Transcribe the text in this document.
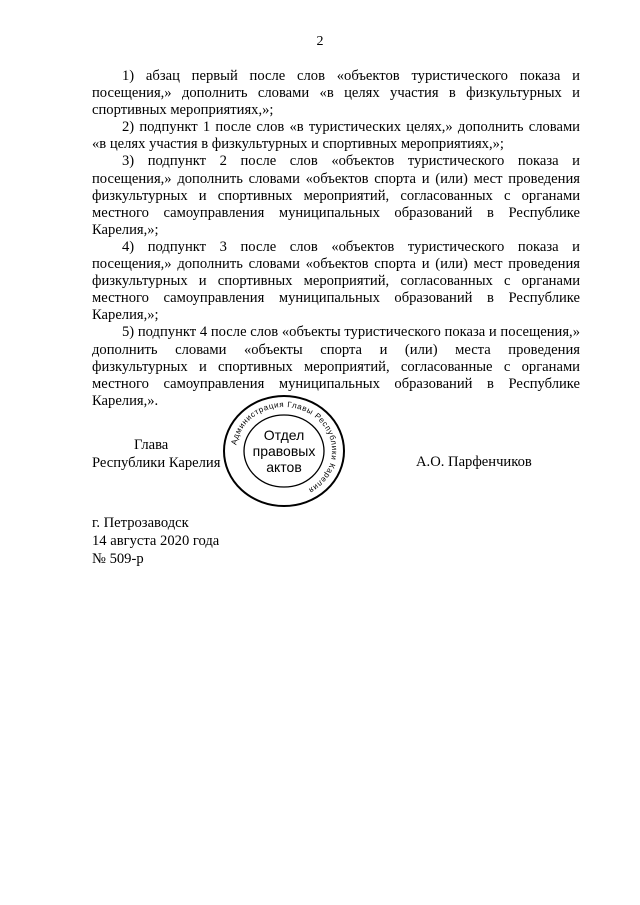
2

1) абзац первый после слов «объектов туристического показа и посещения,» дополнить словами «в целях участия в физкультурных и спортивных мероприятиях,»;

2) подпункт 1 после слов «в туристических целях,» дополнить словами «в целях участия в физкультурных и спортивных мероприятиях,»;

3) подпункт 2 после слов «объектов туристического показа и посещения,» дополнить словами «объектов спорта и (или) мест проведения физкультурных и спортивных мероприятий, согласованных с органами местного самоуправления муниципальных образований в Республике Карелия,»;

4) подпункт 3 после слов «объектов туристического показа и посещения,» дополнить словами «объектов спорта и (или) мест проведения физкультурных и спортивных мероприятий, согласованных с органами местного самоуправления муниципальных образований в Республике Карелия,»;

5) подпункт 4 после слов «объекты туристического показа и посещения,» дополнить словами «объекты спорта и (или) места проведения физкультурных и спортивных мероприятий, согласованные с органами местного самоуправления муниципальных образований в Республике Карелия,».

Глава
Республики Карелия	А.О. Парфенчиков
Администрация Главы Республики Карелия
Отдел
правовых
актов
г. Петрозаводск
14 августа 2020 года
№ 509-р
